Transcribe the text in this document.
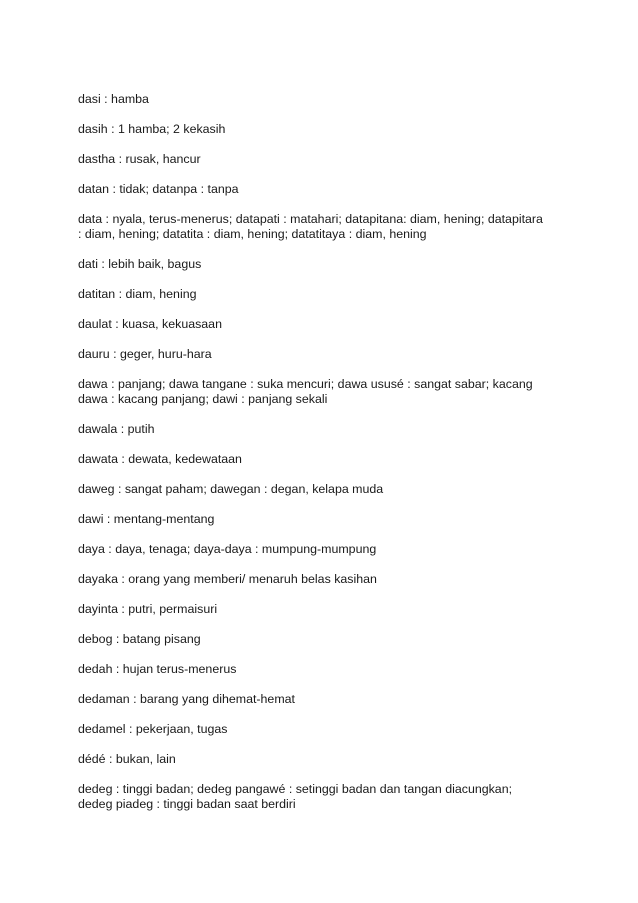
dasi : hamba
dasih : 1 hamba; 2 kekasih
dastha : rusak, hancur
datan : tidak; datanpa : tanpa
data : nyala, terus-menerus; datapati : matahari; datapitana: diam, hening; datapitara
: diam, hening; datatita : diam, hening; datatitaya : diam, hening
dati : lebih baik, bagus
datitan : diam, hening
daulat : kuasa, kekuasaan
dauru : geger, huru-hara
dawa : panjang; dawa tangane : suka mencuri; dawa ususé : sangat sabar; kacang
dawa : kacang panjang; dawi : panjang sekali
dawala : putih
dawata : dewata, kedewataan
daweg : sangat paham; dawegan : degan, kelapa muda
dawi : mentang-mentang
daya : daya, tenaga; daya-daya : mumpung-mumpung
dayaka : orang yang memberi/ menaruh belas kasihan
dayinta : putri, permaisuri
debog : batang pisang
dedah : hujan terus-menerus
dedaman : barang yang dihemat-hemat
dedamel : pekerjaan, tugas
dédé : bukan, lain
dedeg : tinggi badan; dedeg pangawé : setinggi badan dan tangan diacungkan;
dedeg piadeg : tinggi badan saat berdiri
